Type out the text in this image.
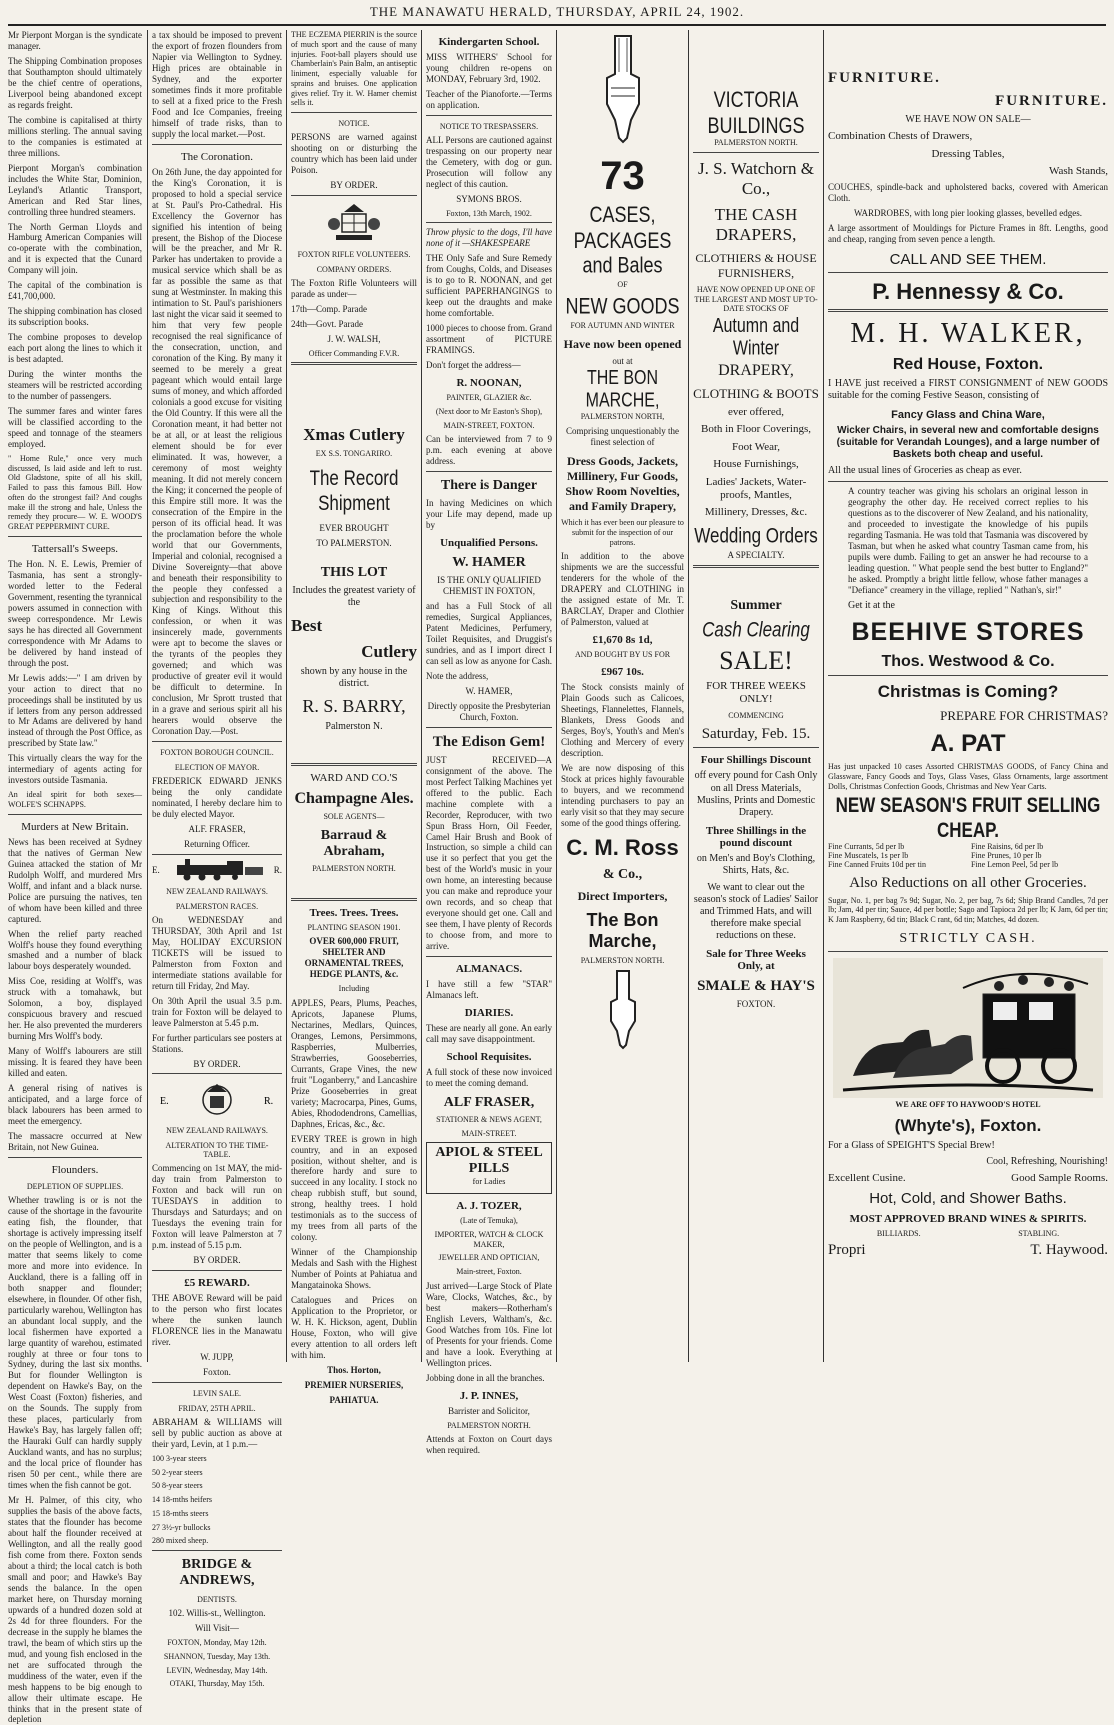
THE MANAWATU HERALD, THURSDAY, APRIL 24, 1902.

Mr Pierpont Morgan is the syndicate manager.

The Shipping Combination proposes that Southampton should ultimately be the chief centre of operations, Liverpool being abandoned except as regards freight.

The combine is capitalised at thirty millions sterling. The annual saving to the companies is estimated at three millions.

Pierpont Morgan's combination includes the White Star, Dominion, Leyland's Atlantic Transport, American and Red Star lines, controlling three hundred steamers.

The North German Lloyds and Hamburg American Companies will co-operate with the combination, and it is expected that the Cunard Company will join.

The capital of the combination is £41,700,000.

The shipping combination has closed its subscription books.

The combine proposes to develop each port along the lines to which it is best adapted.

During the winter months the steamers will be restricted according to the number of passengers.

The summer fares and winter fares will be classified according to the speed and tonnage of the steamers employed.

" Home Rule," once very much discussed, Is laid aside and left to rust. Old Gladstone, spite of all his skill, Failed to pass this famous Bill. How often do the strongest fail? And coughs make ill the strong and hale, Unless the remedy they procure— W. E. WOOD'S GREAT PEPPERMINT CURE.

Tattersall's Sweeps.

The Hon. N. E. Lewis, Premier of Tasmania, has sent a strongly-worded letter to the Federal Government, resenting the tyrannical powers assumed in connection with sweep correspondence. Mr Lewis says he has directed all Government correspondence with Mr Adams to be delivered by hand instead of through the post.

Mr Lewis adds:—" I am driven by your action to direct that no proceedings shall be instituted by us if letters from any person addressed to Mr Adams are delivered by hand instead of through the Post Office, as prescribed by State law."

This virtually clears the way for the intermediary of agents acting for investors outside Tasmania.

An ideal spirit for both sexes—WOLFE'S SCHNAPPS.

Murders at New Britain.

News has been received at Sydney that the natives of German New Guinea attacked the station of Mr Rudolph Wolff, and murdered Mrs Wolff, and infant and a black nurse. Police are pursuing the natives, ten of whom have been killed and three captured.

When the relief party reached Wolff's house they found everything smashed and a number of black labour boys desperately wounded.

Miss Coe, residing at Wolff's, was struck with a tomahawk, but Solomon, a boy, displayed conspicuous bravery and rescued her. He also prevented the murderers burning Mrs Wolff's body.

Many of Wolff's labourers are still missing. It is feared they have been killed and eaten.

A general rising of natives is anticipated, and a large force of black labourers has been armed to meet the emergency.

The massacre occurred at New Britain, not New Guinea.

Flounders.
DEPLETION OF SUPPLIES.

Whether trawling is or is not the cause of the shortage in the favourite eating fish, the flounder, that shortage is actively impressing itself on the people of Wellington, and is a matter that seems likely to come more and more into evidence. In Auckland, there is a falling off in both snapper and flounder; elsewhere, in flounder. Of other fish, particularly warehou, Wellington has an abundant local supply, and the local fishermen have exported a large quantity of warehou, estimated roughly at three or four tons to Sydney, during the last six months. But for flounder Wellington is dependent on Hawke's Bay, on the West Coast (Foxton) fisheries, and on the Sounds. The supply from these places, particularly from Hawke's Bay, has largely fallen off; the Hauraki Gulf can hardly supply Auckland wants, and has no surplus; and the local price of flounder has risen 50 per cent., while there are times when the fish cannot be got.

Mr H. Palmer, of this city, who supplies the basis of the above facts, states that the flounder has become about half the flounder received at Wellington, and all the really good fish come from there. Foxton sends about a third; the local catch is both small and poor; and Hawke's Bay sends the balance. In the open market here, on Thursday morning upwards of a hundred dozen sold at 2s 4d for three flounders. For the decrease in the supply he blames the trawl, the beam of which stirs up the mud, and young fish enclosed in the net are suffocated through the muddiness of the water, even if the mesh happens to be big enough to allow their ultimate escape. He thinks that in the present state of depletion

a tax should be imposed to prevent the export of frozen flounders from Napier via Wellington to Sydney. High prices are obtainable in Sydney, and the exporter sometimes finds it more profitable to sell at a fixed price to the Fresh Food and Ice Companies, freeing himself of trade risks, than to supply the local market.—Post.

The Coronation.

On 26th June, the day appointed for the King's Coronation, it is proposed to hold a special service at St. Paul's Pro-Cathedral. His Excellency the Governor has signified his intention of being present, the Bishop of the Diocese will be the preacher, and Mr R. Parker has undertaken to provide a musical service which shall be as far as possible the same as that sung at Westminster. In making this intimation to St. Paul's parishioners last night the vicar said it seemed to him that very few people recognised the real significance of the consecration, unction, and coronation of the King. By many it seemed to be merely a great pageant which would entail large sums of money, and which afforded colonials a good excuse for visiting the Old Country. If this were all the Coronation meant, it had better not be at all, or at least the religious element should be for ever eliminated. It was, however, a ceremony of most weighty meaning. It did not merely concern the King; it concerned the people of this Empire still more. It was the consecration of the Empire in the person of its official head. It was the proclamation before the whole world that our Governments, Imperial and colonial, recognised a Divine Sovereignty—that above and beneath their responsibility to the people they confessed a subjection and responsibility to the King of Kings. Without this confession, or when it was insincerely made, governments were apt to become the slaves or the tyrants of the peoples they governed; and which was productive of greater evil it would be difficult to determine. In conclusion, Mr Sprott trusted that in a grave and serious spirit all his hearers would observe the Coronation Day.—Post.

FOXTON BOROUGH COUNCIL.
ELECTION OF MAYOR.

FREDERICK EDWARD JENKS being the only candidate nominated, I hereby declare him to be duly elected Mayor.

ALF. FRASER,

Returning Officer.

E.	R.
NEW ZEALAND RAILWAYS.
PALMERSTON RACES.

On WEDNESDAY and THURSDAY, 30th April and 1st May, HOLIDAY EXCURSION TICKETS will be issued to Palmerston from Foxton and intermediate stations available for return till Friday, 2nd May.

On 30th April the usual 3.5 p.m. train for Foxton will be delayed to leave Palmerston at 5.45 p.m.

For further particulars see posters at Stations.

BY ORDER.

E.	R.
NEW ZEALAND RAILWAYS.
ALTERATION TO THE TIME-TABLE.

Commencing on 1st MAY, the mid-day train from Palmerston to Foxton and back will run on TUESDAYS in addition to Thursdays and Saturdays; and on Tuesdays the evening train for Foxton will leave Palmerston at 7 p.m. instead of 5.15 p.m.

BY ORDER.

£5 REWARD.

THE ABOVE Reward will be paid to the person who first locates where the sunken launch FLORENCE lies in the Manawatu river.

W. JUPP,

Foxton.

LEVIN SALE.
FRIDAY, 25TH APRIL.

ABRAHAM & WILLIAMS will sell by public auction as above at their yard, Levin, at 1 p.m.—

100 3-year steers

50 2-year steers

50 8-year steers

14 18-mths heifers

15 18-mths steers

27 3½-yr bullocks

280 mixed sheep.

BRIDGE & ANDREWS,
DENTISTS.

102. Willis-st., Wellington.

Will Visit—

FOXTON, Monday, May 12th.

SHANNON, Tuesday, May 13th.

LEVIN, Wednesday, May 14th.

OTAKI, Thursday, May 15th.

THE ECZEMA PIERRIN is the source of much sport and the cause of many injuries. Foot-ball players should use Chamberlain's Pain Balm, an antiseptic liniment, especially valuable for sprains and bruises. One application gives relief. Try it. W. Hamer chemist sells it.

NOTICE.

PERSONS are warned against shooting on or disturbing the country which has been laid under Poison.

BY ORDER.

FOXTON RIFLE VOLUNTEERS.
COMPANY ORDERS.

The Foxton Rifle Volunteers will parade as under—

17th—Comp. Parade

24th—Govt. Parade

J. W. WALSH,

Officer Commanding F.V.R.

Xmas Cutlery

EX S.S. TONGARIRO.

The Record Shipment

EVER BROUGHT

TO PALMERSTON.

THIS LOT

Includes the greatest variety of the

Best
Cutlery

shown by any house in the district.

R. S. BARRY,

Palmerston N.

WARD AND CO.'S
Champagne Ales.

SOLE AGENTS—

Barraud & Abraham,

PALMERSTON NORTH.

Trees. Trees. Trees.

PLANTING SEASON 1901.

OVER 600,000 FRUIT, SHELTER AND ORNAMENTAL TREES, HEDGE PLANTS, &c.

Including

APPLES, Pears, Plums, Peaches, Apricots, Japanese Plums, Nectarines, Medlars, Quinces, Oranges, Lemons, Persimmons, Raspberries, Mulberries, Strawberries, Gooseberries, Currants, Grape Vines, the new fruit "Loganberry," and Lancashire Prize Gooseberries in great variety; Macrocarpa, Pines, Gums, Abies, Rhododendrons, Camellias, Daphnes, Ericas, &c., &c.

EVERY TREE is grown in high country, and in an exposed position, without shelter, and is therefore hardy and sure to succeed in any locality. I stock no cheap rubbish stuff, but sound, strong, healthy trees. I hold testimonials as to the success of my trees from all parts of the colony.

Winner of the Championship Medals and Sash with the Highest Number of Points at Pahiatua and Mangatainoka Shows.

Catalogues and Prices on Application to the Proprietor, or W. H. K. Hickson, agent, Dublin House, Foxton, who will give every attention to all orders left with him.

Thos. Horton,

PREMIER NURSERIES,

PAHIATUA.

Kindergarten School.

MISS WITHERS' School for young children re-opens on MONDAY, February 3rd, 1902.

Teacher of the Pianoforte.—Terms on application.

NOTICE TO TRESPASSERS.

ALL Persons are cautioned against trespassing on our property near the Cemetery, with dog or gun. Prosecution will follow any neglect of this caution.

SYMONS BROS.

Foxton, 13th March, 1902.

Throw physic to the dogs, I'll have none of it —SHAKESPEARE

THE Only Safe and Sure Remedy from Coughs, Colds, and Diseases is to go to R. NOONAN, and get sufficient PAPERHANGINGS to keep out the draughts and make home comfortable.

1000 pieces to choose from. Grand assortment of PICTURE FRAMINGS.

Don't forget the address—

R. NOONAN,

PAINTER, GLAZIER &c.

(Next door to Mr Easton's Shop),

MAIN-STREET, FOXTON.

Can be interviewed from 7 to 9 p.m. each evening at above address.

There is Danger

In having Medicines on which your Life may depend, made up by

Unqualified Persons.
W. HAMER

IS THE ONLY QUALIFIED CHEMIST IN FOXTON,

and has a Full Stock of all remedies, Surgical Appliances, Patent Medicines, Perfumery, Toilet Requisites, and Druggist's sundries, and as I import direct I can sell as low as anyone for Cash.

Note the address,

W. HAMER,

Directly opposite the Presbyterian Church, Foxton.

The Edison Gem!

JUST RECEIVED—A consignment of the above. The most Perfect Talking Machines yet offered to the public. Each machine complete with a Recorder, Reproducer, with two Spun Brass Horn, Oil Feeder, Camel Hair Brush and Book of Instruction, so simple a child can use it so perfect that you get the best of the World's music in your own home, an interesting because you can make and reproduce your own records, and so cheap that everyone should get one. Call and see them, I have plenty of Records to choose from, and more to arrive.

ALMANACS.

I have still a few "STAR" Almanacs left.

DIARIES.

These are nearly all gone. An early call may save disappointment.

School Requisites.

A full stock of these now invoiced to meet the coming demand.

ALF FRASER,

STATIONER & NEWS AGENT,

MAIN-STREET.

APIOL & STEEL PILLS

for Ladies

A. J. TOZER,

(Late of Temuka),

IMPORTER, WATCH & CLOCK MAKER,

JEWELLER AND OPTICIAN,

Main-street, Foxton.

Just arrived—Large Stock of Plate Ware, Clocks, Watches, &c., by best makers—Rotherham's English Levers, Waltham's, &c. Good Watches from 10s. Fine lot of Presents for your friends. Come and have a look. Everything at Wellington prices.

Jobbing done in all the branches.

J. P. INNES,

Barrister and Solicitor,

PALMERSTON NORTH.

Attends at Foxton on Court days when required.

73
CASES, PACKAGES
and Bales

OF

NEW GOODS

FOR AUTUMN AND WINTER

Have now been opened

out at

THE BON MARCHE,

PALMERSTON NORTH,

Comprising unquestionably the finest selection of

Dress Goods, Jackets, Millinery, Fur Goods, Show Room Novelties, and Family Drapery,

Which it has ever been our pleasure to submit for the inspection of our patrons.

In addition to the above shipments we are the successful tenderers for the whole of the DRAPERY and CLOTHING in the assigned estate of Mr. T. BARCLAY, Draper and Clothier of Palmerston, valued at

£1,670 8s 1d,

AND BOUGHT BY US FOR

£967 10s.

The Stock consists mainly of Plain Goods such as Calicoes, Sheetings, Flannelettes, Flannels, Blankets, Dress Goods and Serges, Boy's, Youth's and Men's Clothing and Mercery of every description.

We are now disposing of this Stock at prices highly favourable to buyers, and we recommend intending purchasers to pay an early visit so that they may secure some of the good things offering.

C. M. Ross
& Co.,
Direct Importers,
The Bon Marche,

PALMERSTON NORTH.

VICTORIA BUILDINGS

PALMERSTON NORTH.

J. S. Watchorn & Co.,
THE CASH DRAPERS,
CLOTHIERS & HOUSE FURNISHERS,

HAVE NOW OPENED UP ONE OF THE LARGEST AND MOST UP TO-DATE STOCKS OF

Autumn and Winter
DRAPERY,
CLOTHING & BOOTS

ever offered,

Both in Floor Coverings,

Foot Wear,

House Furnishings,

Ladies' Jackets, Water-proofs, Mantles,

Millinery, Dresses, &c.

Wedding Orders

A SPECIALTY.

Summer
Cash Clearing
SALE!

FOR THREE WEEKS ONLY!

COMMENCING

Saturday, Feb. 15.
Four Shillings Discount

off every pound for Cash Only on all Dress Materials, Muslins, Prints and Domestic Drapery.

Three Shillings in the pound discount

on Men's and Boy's Clothing, Shirts, Hats, &c.

We want to clear out the season's stock of Ladies' Sailor and Trimmed Hats, and will therefore make special reductions on these.

Sale for Three Weeks Only, at
SMALE & HAY'S

FOXTON.

FURNITURE.
FURNITURE.

WE HAVE NOW ON SALE—

Combination Chests of Drawers,

Dressing Tables,

Wash Stands,

COUCHES, spindle-back and upholstered backs, covered with American Cloth.

WARDROBES, with long pier looking glasses, bevelled edges.

A large assortment of Mouldings for Picture Frames in 8ft. Lengths, good and cheap, ranging from seven pence a length.

CALL AND SEE THEM.
P. Hennessy & Co.
M. H. WALKER,
Red House, Foxton.

I HAVE just received a FIRST CONSIGNMENT of NEW GOODS suitable for the coming Festive Season, consisting of

Fancy Glass and China Ware,

Wicker Chairs, in several new and comfortable designs (suitable for Verandah Lounges), and a large number of Baskets both cheap and useful.

All the usual lines of Groceries as cheap as ever.

A country teacher was giving his scholars an original lesson in geography the other day. He received correct replies to his questions as to the discoverer of New Zealand, and his nationality, and proceeded to investigate the knowledge of his pupils regarding Tasmania. He was told that Tasmania was discovered by Tasman, but when he asked what country Tasman came from, his pupils were dumb. Failing to get an answer he had recourse to a leading question. " What people send the best butter to England?" he asked. Promptly a bright little fellow, whose father manages a "Defiance" creamery in the village, replied " Nathan's, sir!"

Get it at the

BEEHIVE STORES
Thos. Westwood & Co.
Christmas is Coming?
PREPARE FOR CHRISTMAS?
A. PAT

Has just unpacked 10 cases Assorted CHRISTMAS GOODS, of Fancy China and Glassware, Fancy Goods and Toys, Glass Vases, Glass Ornaments, large assortment Dolls, Christmas Confection Goods, Christmas and New Year Carts.

NEW SEASON'S FRUIT SELLING CHEAP.
Fine Currants, 5d per lb	Fine Raisins, 6d per lb
Fine Muscatels, 1s per lb	Fine Prunes, 10 per lb
Fine Canned Fruits 10d per tin	Fine Lemon Peel, 5d per lb
Also Reductions on all other Groceries.

Sugar, No. 1, per bag 7s 9d; Sugar, No. 2, per bag, 7s 6d; Ship Brand Candles, 7d per lb; Jam, 4d per tin; Sauce, 4d per bottle; Sago and Tapioca 2d per lb; K Jam, 6d per tin; K Jam Raspberry, 6d tin; Black C rant, 6d tin; Matches, 4d dozen.

STRICTLY CASH.

WE ARE OFF TO HAYWOOD'S HOTEL

(Whyte's), Foxton.

For a Glass of SPEIGHT'S Special Brew!

Cool, Refreshing, Nourishing!

Excellent Cusine.	Good Sample Rooms.
Hot, Cold, and Shower Baths.
MOST APPROVED BRAND WINES & SPIRITS.
BILLIARDS.	STABLING.
Propri	T. Haywood.
